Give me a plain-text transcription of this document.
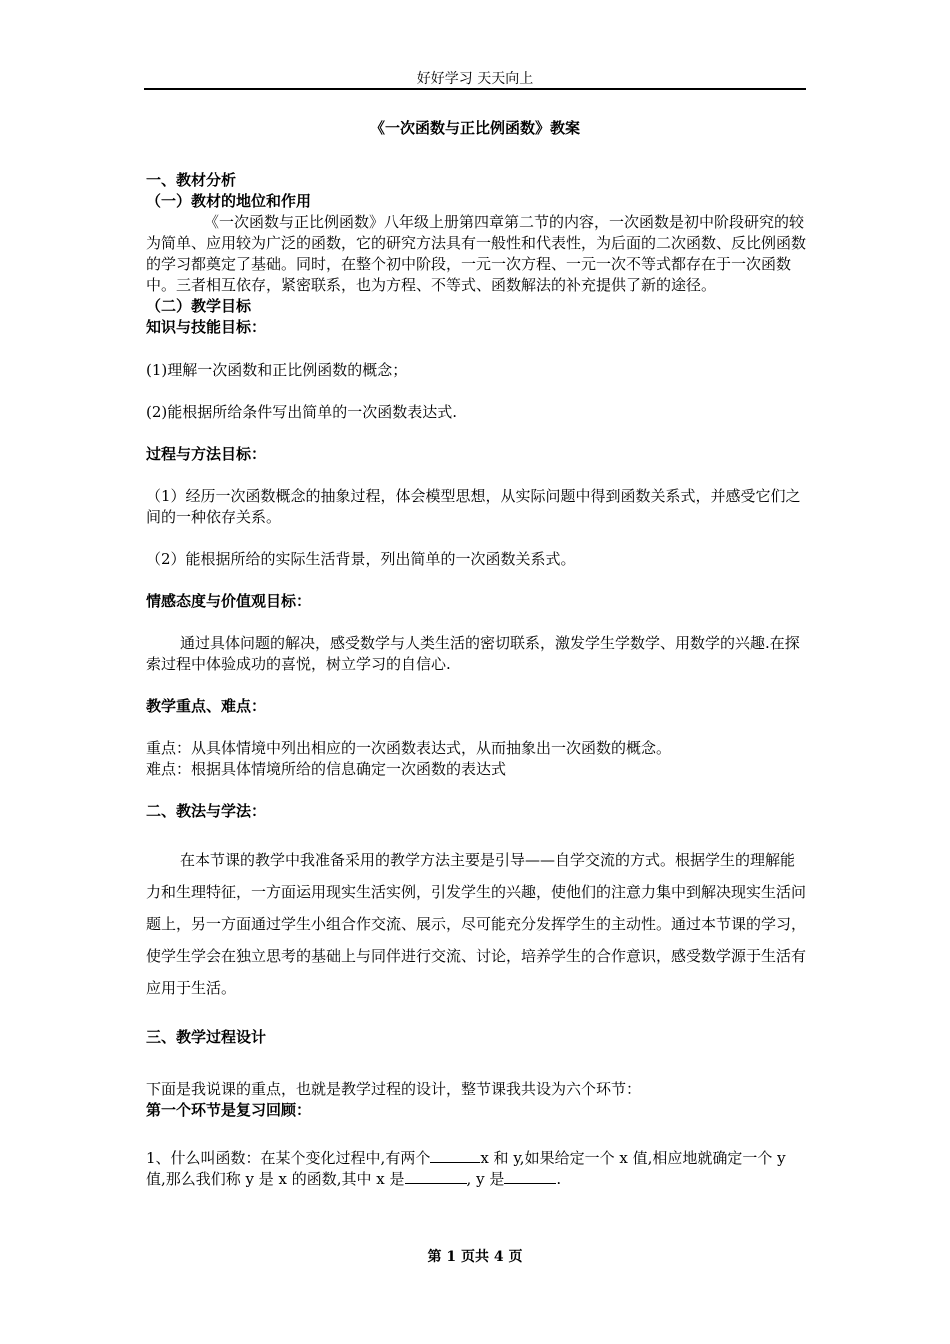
好好学习 天天向上
《一次函数与正比例函数》教案

一、教材分析

（一）教材的地位和作用

《一次函数与正比例函数》八年级上册第四章第二节的内容，一次函数是初中阶段研究的较为简单、应用较为广泛的函数，它的研究方法具有一般性和代表性，为后面的二次函数、反比例函数的学习都奠定了基础。同时，在整个初中阶段，一元一次方程、一元一次不等式都存在于一次函数中。三者相互依存，紧密联系，也为方程、不等式、函数解法的补充提供了新的途径。

（二）教学目标

知识与技能目标：

(1)理解一次函数和正比例函数的概念；

(2)能根据所给条件写出简单的一次函数表达式.

过程与方法目标：

（1）经历一次函数概念的抽象过程，体会模型思想，从实际问题中得到函数关系式，并感受它们之间的一种依存关系。

（2）能根据所给的实际生活背景，列出简单的一次函数关系式。

情感态度与价值观目标：

通过具体问题的解决，感受数学与人类生活的密切联系，激发学生学数学、用数学的兴趣.在探索过程中体验成功的喜悦，树立学习的自信心.

教学重点、难点：

重点：从具体情境中列出相应的一次函数表达式，从而抽象出一次函数的概念。

难点：根据具体情境所给的信息确定一次函数的表达式

二、教法与学法：

在本节课的教学中我准备采用的教学方法主要是引导——自学交流的方式。根据学生的理解能力和生理特征，一方面运用现实生活实例，引发学生的兴趣，使他们的注意力集中到解决现实生活问题上，另一方面通过学生小组合作交流、展示，尽可能充分发挥学生的主动性。通过本节课的学习，使学生学会在独立思考的基础上与同伴进行交流、讨论，培养学生的合作意识，感受数学源于生活有应用于生活。

三、教学过程设计

下面是我说课的重点，也就是教学过程的设计，整节课我共设为六个环节：

第一个环节是复习回顾：

1、什么叫函数：在某个变化过程中,有两个	x 和 y,如果给定一个 x 值,相应地就确定一个 y 值,那么我们称 y 是 x 的函数,其中 x 是	, y 是	.

第 1 页共 4 页
